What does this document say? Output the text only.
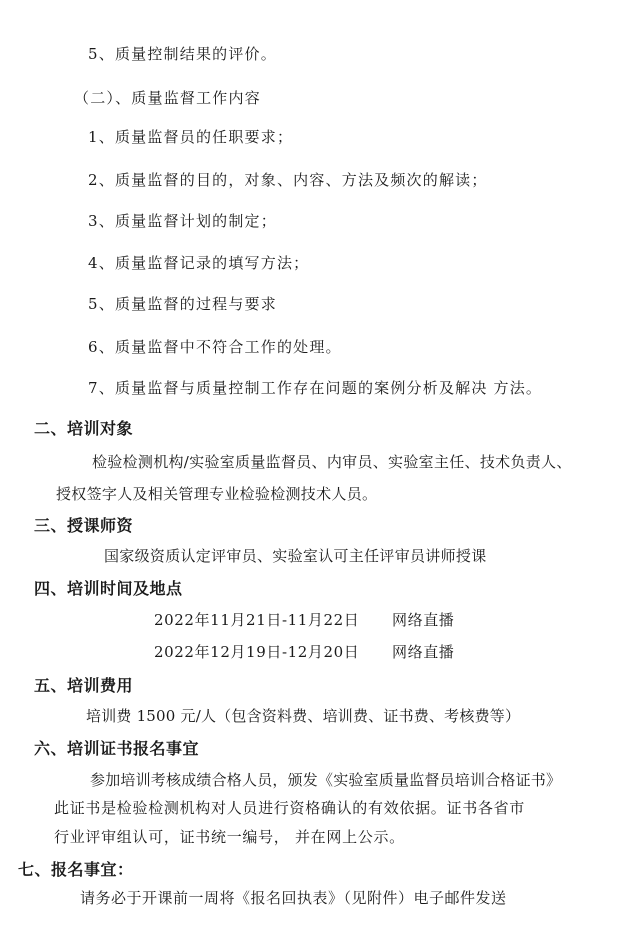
5、质量控制结果的评价。
（二）、质量监督工作内容
1、质量监督员的任职要求；
2、质量监督的目的，对象、内容、方法及频次的解读；
3、质量监督计划的制定；
4、质量监督记录的填写方法；
5、质量监督的过程与要求
6、质量监督中不符合工作的处理。
7、质量监督与质量控制工作存在问题的案例分析及解决 方法。
二、培训对象
检验检测机构/实验室质量监督员、内审员、实验室主任、技术负责人、
授权签字人及相关管理专业检验检测技术人员。
三、授课师资
国家级资质认定评审员、实验室认可主任评审员讲师授课
四、培训时间及地点
2022年11月21日-11月22日 网络直播
2022年12月19日-12月20日 网络直播
五、培训费用
培训费 1500 元/人（包含资料费、培训费、证书费、考核费等）
六、培训证书报名事宜
参加培训考核成绩合格人员，颁发《实验室质量监督员培训合格证书》
此证书是检验检测机构对人员进行资格确认的有效依据。证书各省市
行业评审组认可，证书统一编号， 并在网上公示。
七、报名事宜：
请务必于开课前一周将《报名回执表》（见附件）电子邮件发送
